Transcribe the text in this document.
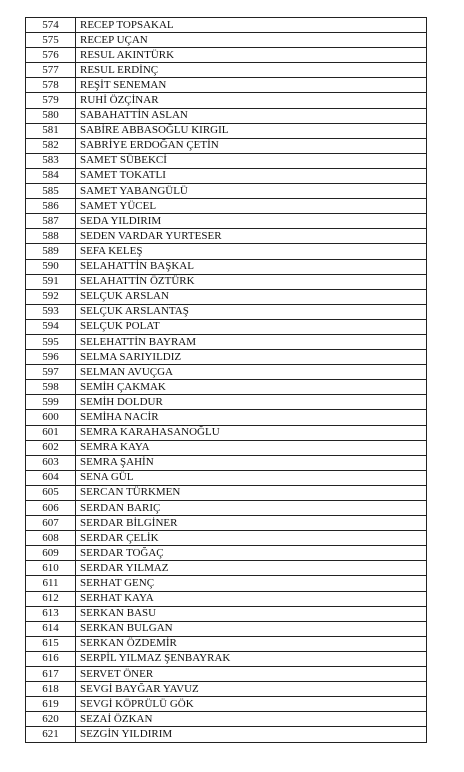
574	RECEP TOPSAKAL
575	RECEP UÇAN
576	RESUL AKINTÜRK
577	RESUL ERDİNÇ
578	REŞİT SENEMAN
579	RUHİ ÖZÇİNAR
580	SABAHATTİN ASLAN
581	SABİRE ABBASOĞLU KIRGIL
582	SABRİYE ERDOĞAN ÇETİN
583	SAMET SÜBEKCİ
584	SAMET TOKATLI
585	SAMET YABANGÜLÜ
586	SAMET YÜCEL
587	SEDA YILDIRIM
588	SEDEN VARDAR YURTESER
589	SEFA KELEŞ
590	SELAHATTİN BAŞKAL
591	SELAHATTİN ÖZTÜRK
592	SELÇUK ARSLAN
593	SELÇUK ARSLANTAŞ
594	SELÇUK POLAT
595	SELEHATTİN BAYRAM
596	SELMA SARIYILDIZ
597	SELMAN AVUÇGA
598	SEMİH ÇAKMAK
599	SEMİH DOLDUR
600	SEMİHA NACİR
601	SEMRA KARAHASANOĞLU
602	SEMRA KAYA
603	SEMRA ŞAHİN
604	SENA GÜL
605	SERCAN TÜRKMEN
606	SERDAN BARIÇ
607	SERDAR BİLGİNER
608	SERDAR ÇELİK
609	SERDAR TOĞAÇ
610	SERDAR YILMAZ
611	SERHAT GENÇ
612	SERHAT KAYA
613	SERKAN BASU
614	SERKAN BULGAN
615	SERKAN ÖZDEMİR
616	SERPİL YILMAZ ŞENBAYRAK
617	SERVET ÖNER
618	SEVGİ BAYĞAR YAVUZ
619	SEVGİ KÖPRÜLÜ GÖK
620	SEZAİ ÖZKAN
621	SEZGİN YILDIRIM
